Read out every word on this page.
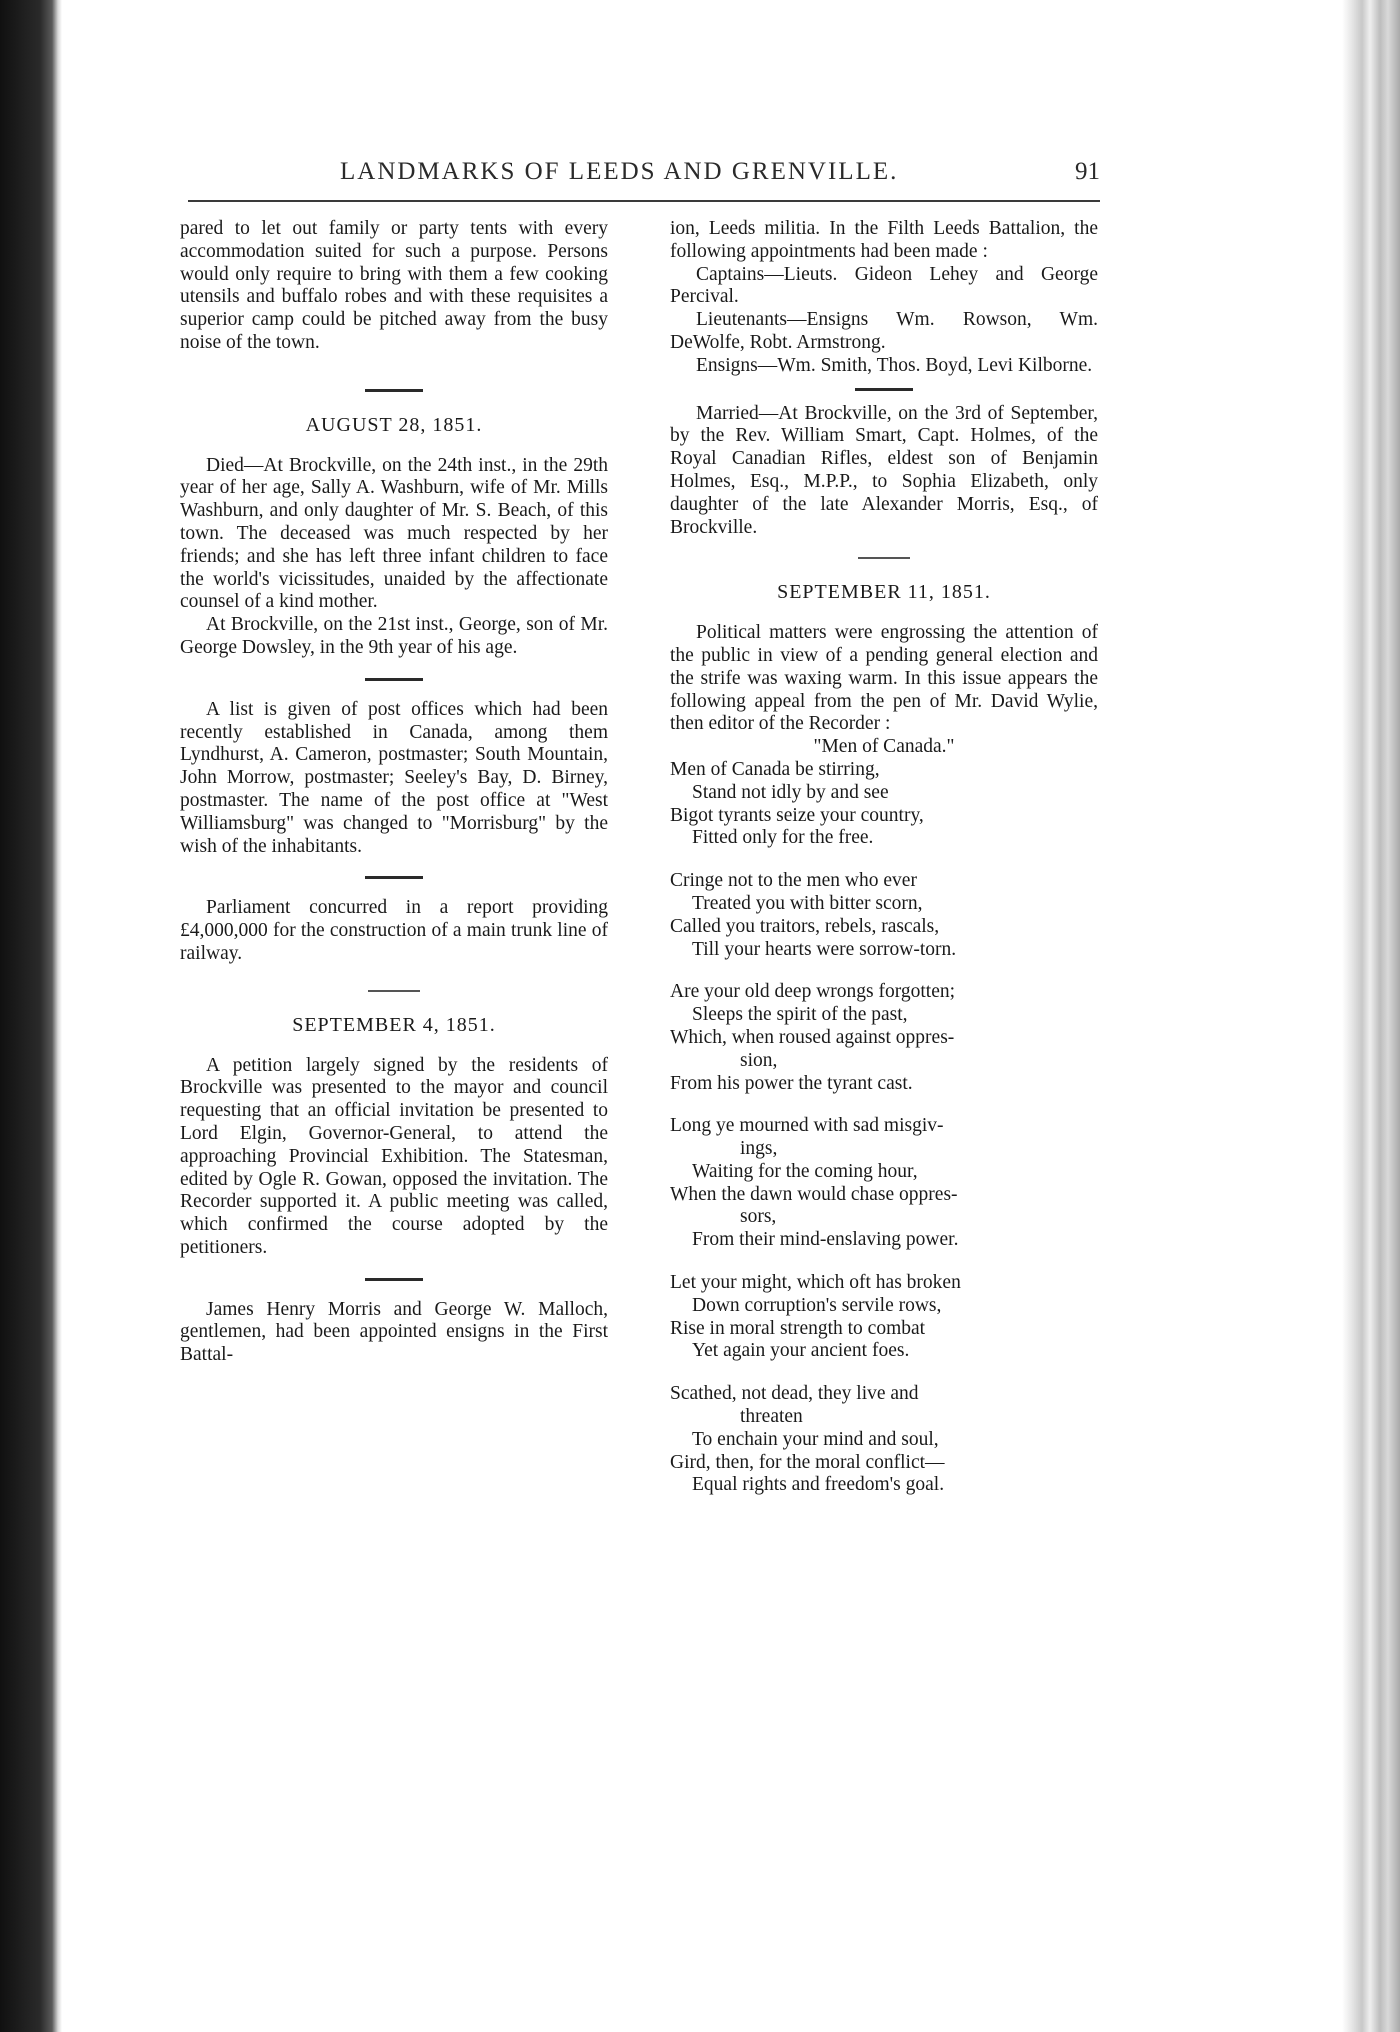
LANDMARKS OF LEEDS AND GRENVILLE.	91

pared to let out family or party tents with every accommodation suited for such a purpose. Persons would only require to bring with them a few cooking utensils and buffalo robes and with these requisites a superior camp could be pitched away from the busy noise of the town.

AUGUST 28, 1851.

Died—At Brockville, on the 24th inst., in the 29th year of her age, Sally A. Washburn, wife of Mr. Mills Washburn, and only daughter of Mr. S. Beach, of this town. The deceased was much respected by her friends; and she has left three infant children to face the world's vicissitudes, unaided by the affectionate counsel of a kind mother.

At Brockville, on the 21st inst., George, son of Mr. George Dowsley, in the 9th year of his age.

A list is given of post offices which had been recently established in Canada, among them Lyndhurst, A. Cameron, postmaster; South Mountain, John Morrow, postmaster; Seeley's Bay, D. Birney, postmaster. The name of the post office at "West Williamsburg" was changed to "Morrisburg" by the wish of the inhabitants.

Parliament concurred in a report providing £4,000,000 for the construction of a main trunk line of railway.

SEPTEMBER 4, 1851.

A petition largely signed by the residents of Brockville was presented to the mayor and council requesting that an official invitation be presented to Lord Elgin, Governor-General, to attend the approaching Provincial Exhibition. The Statesman, edited by Ogle R. Gowan, opposed the invitation. The Recorder supported it. A public meeting was called, which confirmed the course adopted by the petitioners.

James Henry Morris and George W. Malloch, gentlemen, had been appointed ensigns in the First Battal-

ion, Leeds militia. In the Filth Leeds Battalion, the following appointments had been made :

Captains—Lieuts. Gideon Lehey and George Percival.

Lieutenants—Ensigns Wm. Rowson, Wm. DeWolfe, Robt. Armstrong.

Ensigns—Wm. Smith, Thos. Boyd, Levi Kilborne.

Married—At Brockville, on the 3rd of September, by the Rev. William Smart, Capt. Holmes, of the Royal Canadian Rifles, eldest son of Benjamin Holmes, Esq., M.P.P., to Sophia Elizabeth, only daughter of the late Alexander Morris, Esq., of Brockville.

SEPTEMBER 11, 1851.

Political matters were engrossing the attention of the public in view of a pending general election and the strife was waxing warm. In this issue appears the following appeal from the pen of Mr. David Wylie, then editor of the Recorder :

"Men of Canada."
Men of Canada be stirring,
Stand not idly by and see
Bigot tyrants seize your country,
Fitted only for the free.
Cringe not to the men who ever
Treated you with bitter scorn,
Called you traitors, rebels, rascals,
Till your hearts were sorrow-torn.
Are your old deep wrongs forgotten;
Sleeps the spirit of the past,
Which, when roused against oppres-
sion,
From his power the tyrant cast.
Long ye mourned with sad misgiv-
ings,
Waiting for the coming hour,
When the dawn would chase oppres-
sors,
From their mind-enslaving power.
Let your might, which oft has broken
Down corruption's servile rows,
Rise in moral strength to combat
Yet again your ancient foes.
Scathed, not dead, they live and
threaten
To enchain your mind and soul,
Gird, then, for the moral conflict—
Equal rights and freedom's goal.
